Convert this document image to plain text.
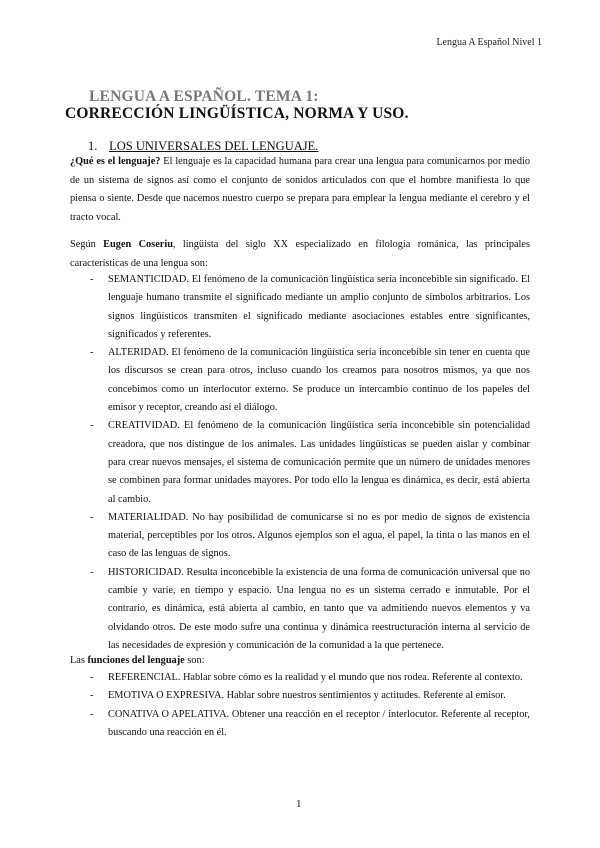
Lengua A Español Nivel 1
LENGUA A ESPAÑOL. TEMA 1:
CORRECCIÓN LINGÜÍSTICA, NORMA Y USO.
1. LOS UNIVERSALES DEL LENGUAJE.

¿Qué es el lenguaje? El lenguaje es la capacidad humana para crear una lengua para comunicarnos por medio de un sistema de signos así como el conjunto de sonidos articulados con que el hombre manifiesta lo que piensa o siente. Desde que nacemos nuestro cuerpo se prepara para emplear la lengua mediante el cerebro y el tracto vocal.

Según Eugen Coseriu, lingüista del siglo XX especializado en filología románica, las principales características de una lengua son:

- SEMANTICIDAD. El fenómeno de la comunicación lingüística sería inconcebible sin significado. El lenguaje humano transmite el significado mediante un amplio conjunto de símbolos arbitrarios. Los signos lingüísticos transmiten el significado mediante asociaciones estables entre significantes, significados y referentes.
- ALTERIDAD. El fenómeno de la comunicación lingüística sería inconcebible sin tener en cuenta que los discursos se crean para otros, incluso cuando los creamos para nosotros mismos, ya que nos concebimos como un interlocutor externo. Se produce un intercambio continuo de los papeles del emisor y receptor, creando así el diálogo.
- CREATIVIDAD. El fenómeno de la comunicación lingüística sería inconcebible sin potencialidad creadora, que nos distingue de los animales. Las unidades lingüísticas se pueden aislar y combinar para crear nuevos mensajes, el sistema de comunicación permite que un número de unidades menores se combinen para formar unidades mayores. Por todo ello la lengua es dinámica, es decir, está abierta al cambio.
- MATERIALIDAD. No hay posibilidad de comunicarse si no es por medio de signos de existencia material, perceptibles por los otros. Algunos ejemplos son el agua, el papel, la tinta o las manos en el caso de las lenguas de signos.
- HISTORICIDAD. Resulta inconcebible la existencia de una forma de comunicación universal que no cambie y varíe, en tiempo y espacio. Una lengua no es un sistema cerrado e inmutable. Por el contrario, es dinámica, está abierta al cambio, en tanto que va admitiendo nuevos elementos y va olvidando otros. De este modo sufre una continua y dinámica reestructuración interna al servicio de las necesidades de expresión y comunicación de la comunidad a la que pertenece.

Las funciones del lenguaje son:

- REFERENCIAL. Hablar sobre cómo es la realidad y el mundo que nos rodea. Referente al contexto.
- EMOTIVA O EXPRESIVA. Hablar sobre nuestros sentimientos y actitudes. Referente al emisor.
- CONATIVA O APELATIVA. Obtener una reacción en el receptor / interlocutor. Referente al receptor, buscando una reacción en él.
1
